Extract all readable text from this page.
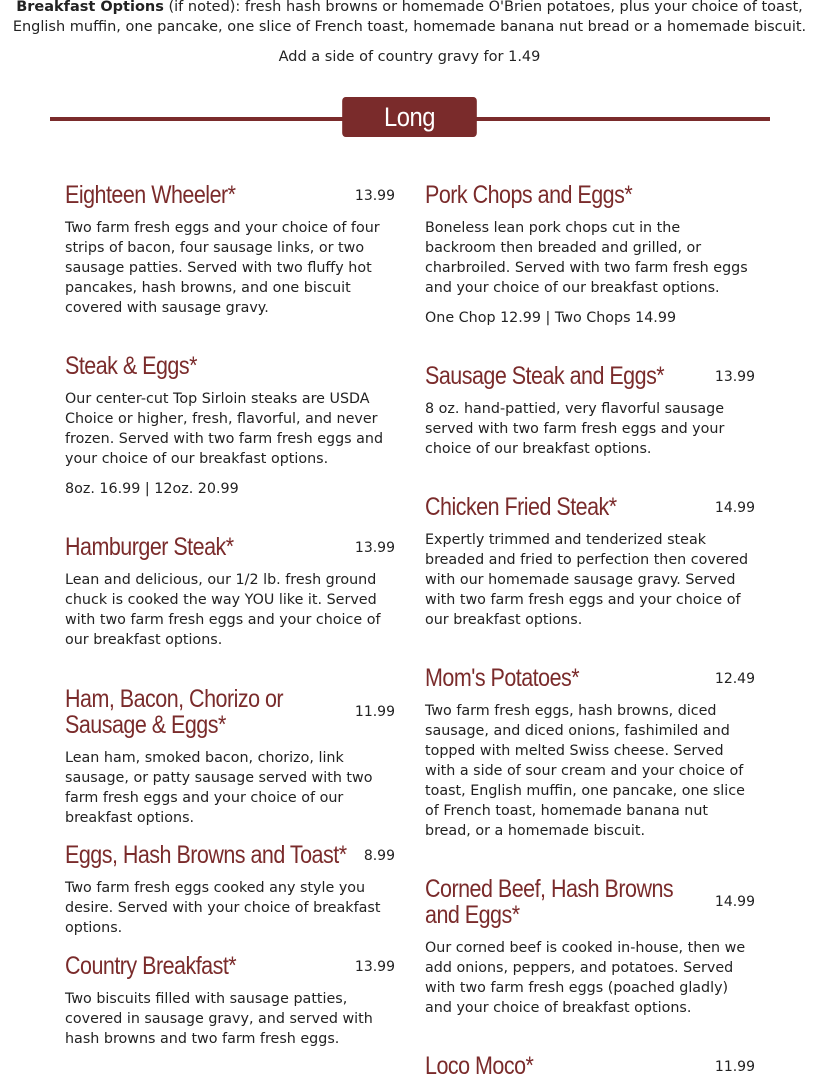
Breakfast Options (if noted): fresh hash browns or homemade O'Brien potatoes, plus your choice of toast, English muffin, one pancake, one slice of French toast, homemade banana nut bread or a homemade biscuit.
Add a side of country gravy for 1.49
Long Haulers
Eighteen Wheeler*	13.99

Two farm fresh eggs and your choice of four strips of bacon, four sausage links, or two sausage patties. Served with two fluffy hot pancakes, hash browns, and one biscuit covered with sausage gravy.

Steak & Eggs*

Our center-cut Top Sirloin steaks are USDA Choice or higher, fresh, flavorful, and never frozen. Served with two farm fresh eggs and your choice of our breakfast options.

8oz. 16.99 | 12oz. 20.99

Hamburger Steak*	13.99

Lean and delicious, our 1/2 lb. fresh ground chuck is cooked the way YOU like it. Served with two farm fresh eggs and your choice of our breakfast options.

Ham, Bacon, Chorizo or Sausage & Eggs*	11.99

Lean ham, smoked bacon, chorizo, link sausage, or patty sausage served with two farm fresh eggs and your choice of our breakfast options.

Eggs, Hash Browns and Toast*	8.99

Two farm fresh eggs cooked any style you desire. Served with your choice of breakfast options.

Country Breakfast*	13.99

Two biscuits filled with sausage patties, covered in sausage gravy, and served with hash browns and two farm fresh eggs.

Pork Chops and Eggs*

Boneless lean pork chops cut in the backroom then breaded and grilled, or charbroiled. Served with two farm fresh eggs and your choice of our breakfast options.

One Chop 12.99 | Two Chops 14.99

Sausage Steak and Eggs*	13.99

8 oz. hand-pattied, very flavorful sausage served with two farm fresh eggs and your choice of our breakfast options.

Chicken Fried Steak*	14.99

Expertly trimmed and tenderized steak breaded and fried to perfection then covered with our homemade sausage gravy. Served with two farm fresh eggs and your choice of our breakfast options.

Mom's Potatoes*	12.49

Two farm fresh eggs, hash browns, diced sausage, and diced onions, fashimiled and topped with melted Swiss cheese. Served with a side of sour cream and your choice of toast, English muffin, one pancake, one slice of French toast, homemade banana nut bread, or a homemade biscuit.

Corned Beef, Hash Browns and Eggs*	14.99

Our corned beef is cooked in-house, then we add onions, peppers, and potatoes. Served with two farm fresh eggs (poached gladly) and your choice of breakfast options.

Loco Moco*	11.99
